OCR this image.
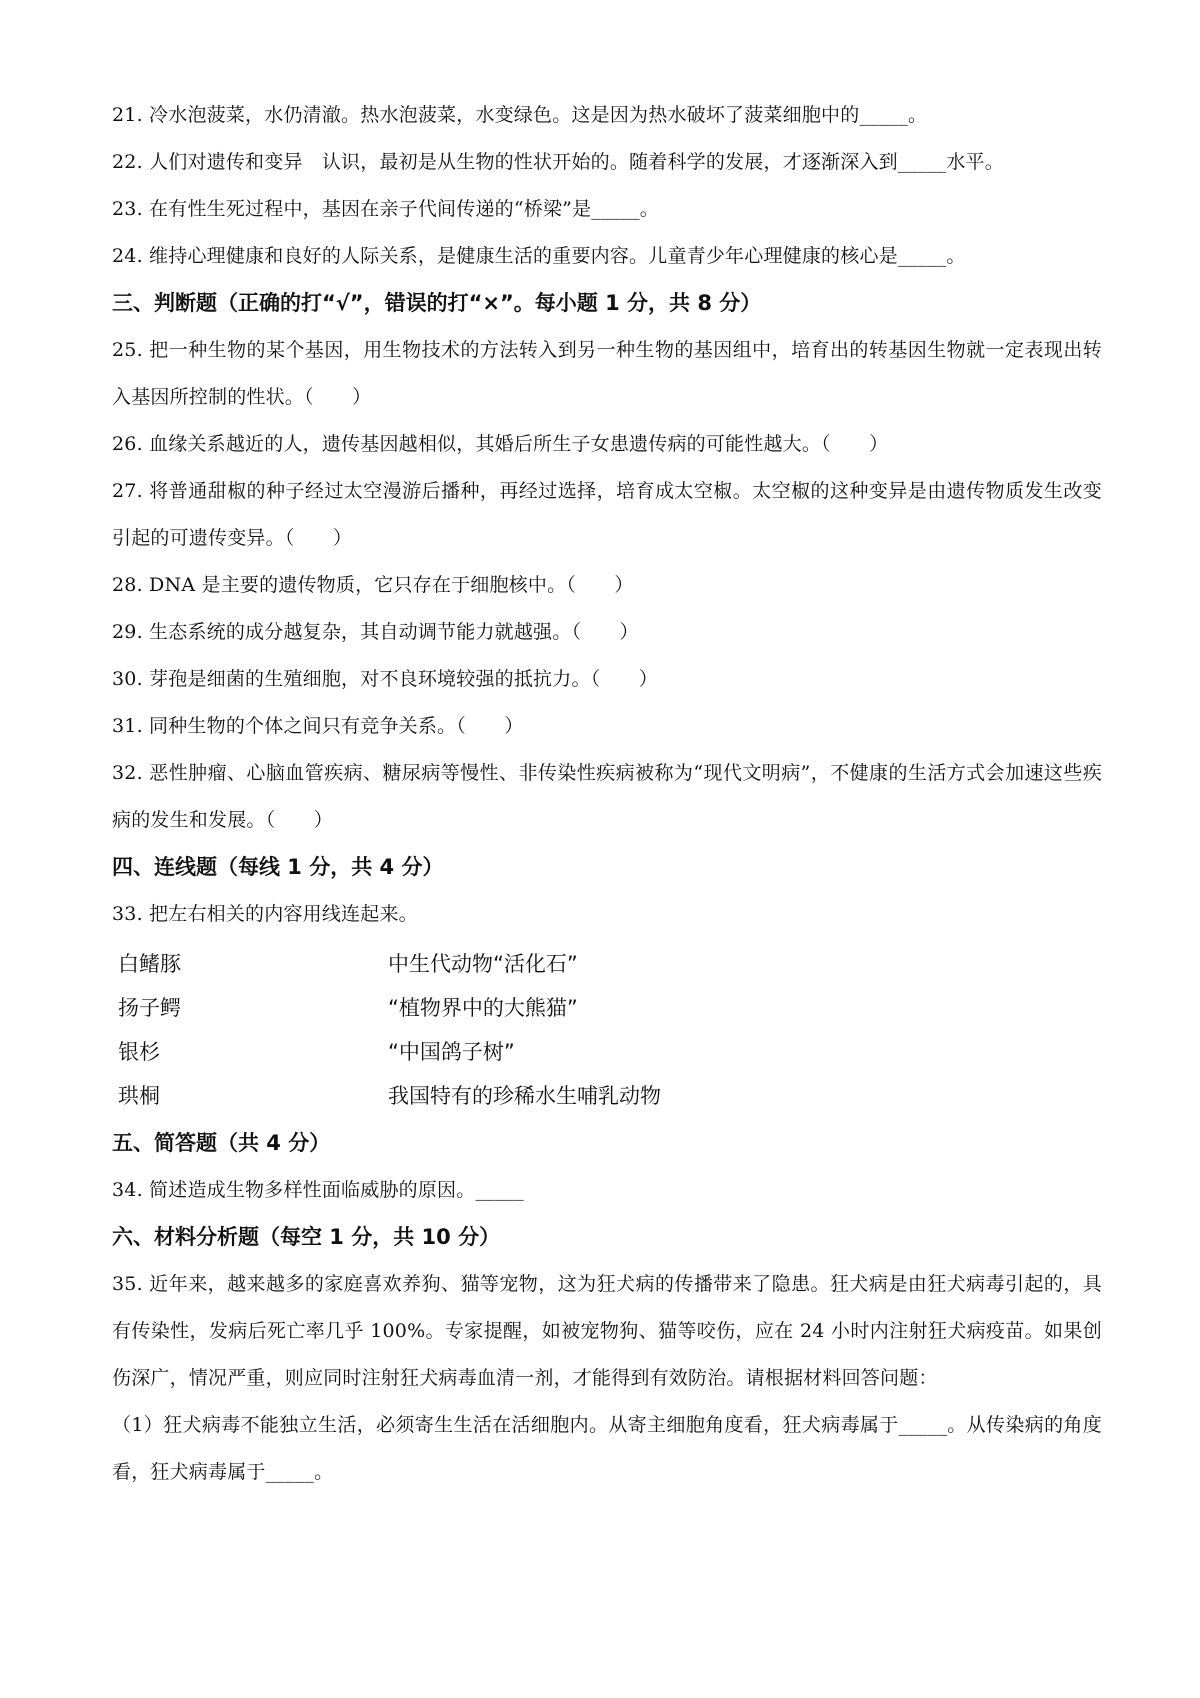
21. 冷水泡菠菜，水仍清澈。热水泡菠菜，水变绿色。这是因为热水破坏了菠菜细胞中的_____。
22. 人们对遗传和变异　认识，最初是从生物的性状开始的。随着科学的发展，才逐渐深入到_____水平。
23. 在有性生死过程中，基因在亲子代间传递的“桥梁”是_____。
24. 维持心理健康和良好的人际关系，是健康生活的重要内容。儿童青少年心理健康的核心是_____。
三、判断题（正确的打“√”，错误的打“×”。每小题 1 分，共 8 分）
25. 把一种生物的某个基因，用生物技术的方法转入到另一种生物的基因组中，培育出的转基因生物就一定表现出转入基因所控制的性状。（　　）
26. 血缘关系越近的人，遗传基因越相似，其婚后所生子女患遗传病的可能性越大。（　　）
27. 将普通甜椒的种子经过太空漫游后播种，再经过选择，培育成太空椒。太空椒的这种变异是由遗传物质发生改变引起的可遗传变异。（　　）
28. DNA 是主要的遗传物质，它只存在于细胞核中。（　　）
29. 生态系统的成分越复杂，其自动调节能力就越强。（　　）
30. 芽孢是细菌的生殖细胞，对不良环境较强的抵抗力。（　　）
31. 同种生物的个体之间只有竞争关系。（　　）
32. 恶性肿瘤、心脑血管疾病、糖尿病等慢性、非传染性疾病被称为“现代文明病”，不健康的生活方式会加速这些疾病的发生和发展。（　　）
四、连线题（每线 1 分，共 4 分）
33. 把左右相关的内容用线连起来。
白鳍豚	中生代动物“活化石”
扬子鳄	“植物界中的大熊猫”
银杉	“中国鸽子树”
珙桐	我国特有的珍稀水生哺乳动物
五、简答题（共 4 分）
34. 简述造成生物多样性面临威胁的原因。_____
六、材料分析题（每空 1 分，共 10 分）
35. 近年来，越来越多的家庭喜欢养狗、猫等宠物，这为狂犬病的传播带来了隐患。狂犬病是由狂犬病毒引起的，具有传染性，发病后死亡率几乎 100%。专家提醒，如被宠物狗、猫等咬伤，应在 24 小时内注射狂犬病疫苗。如果创伤深广，情况严重，则应同时注射狂犬病毒血清一剂，才能得到有效防治。请根据材料回答问题：
（1）狂犬病毒不能独立生活，必须寄生生活在活细胞内。从寄主细胞角度看，狂犬病毒属于_____。从传染病的角度看，狂犬病毒属于_____。
